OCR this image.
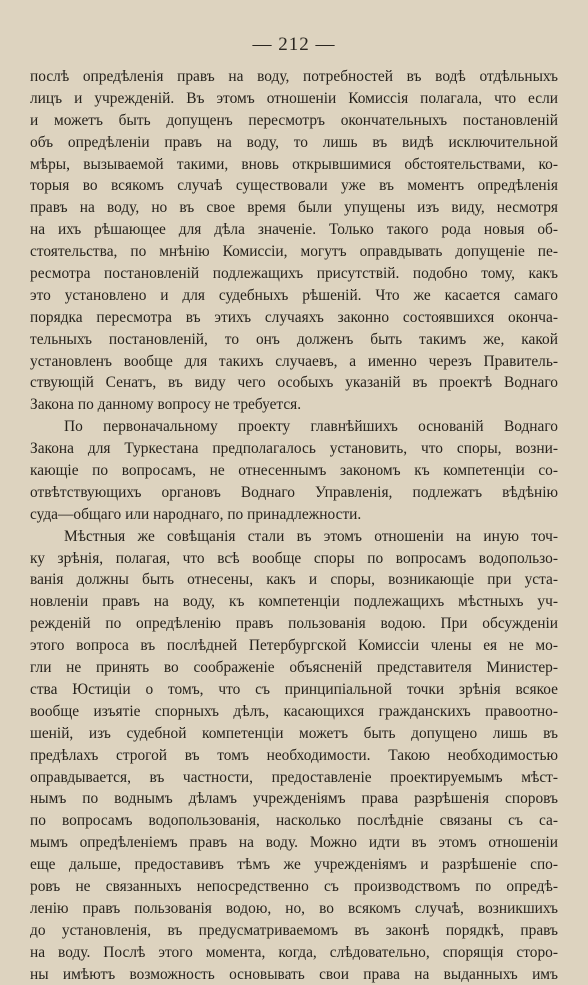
— 212 —
послѣ опредѣленія правъ на воду, потребностей въ водѣ отдѣльныхъ
лицъ и учрежденій. Въ этомъ отношеніи Комиссія полагала, что если
и можетъ быть допущенъ пересмотръ окончательныхъ постановленій
объ опредѣленіи правъ на воду, то лишь въ видѣ исключительной
мѣры, вызываемой такими, вновь открывшимися обстоятельствами, ко-
торыя во всякомъ случаѣ существовали уже въ моментъ опредѣленія
правъ на воду, но въ свое время были упущены изъ виду, несмотря
на ихъ рѣшающее для дѣла значеніе. Только такого рода новыя об-
стоятельства, по мнѣнію Комиссіи, могутъ оправдывать допущеніе пе-
ресмотра постановленій подлежащихъ присутствій. подобно тому, какъ
это установлено и для судебныхъ рѣшеній. Что же касается самаго
порядка пересмотра въ этихъ случаяхъ законно состоявшихся оконча-
тельныхъ постановленій, то онъ долженъ быть такимъ же, какой
установленъ вообще для такихъ случаевъ, а именно черезъ Правитель-
ствующій Сенатъ, въ виду чего особыхъ указаній въ проектѣ Воднаго
Закона по данному вопросу не требуется.
По первоначальному проекту главнѣйшихъ основаній Воднаго
Закона для Туркестана предполагалось установить, что споры, возни-
кающіе по вопросамъ, не отнесеннымъ закономъ къ компетенціи со-
отвѣтствующихъ органовъ Воднаго Управленія, подлежатъ вѣдѣнію
суда—общаго или народнаго, по принадлежности.
Мѣстныя же совѣщанія стали въ этомъ отношеніи на иную точ-
ку зрѣнія, полагая, что всѣ вообще споры по вопросамъ водопользо-
ванія должны быть отнесены, какъ и споры, возникающіе при уста-
новленіи правъ на воду, къ компетенціи подлежащихъ мѣстныхъ уч-
режденій по опредѣленію правъ пользованія водою. При обсужденіи
этого вопроса въ послѣдней Петербургской Комиссіи члены ея не мо-
гли не принять во соображеніе объясненій представителя Министер-
ства Юстиціи о томъ, что съ принципіальной точки зрѣнія всякое
вообще изъятіе спорныхъ дѣлъ, касающихся гражданскихъ правоотно-
шеній, изъ судебной компетенціи можетъ быть допущено лишь въ
предѣлахъ строгой въ томъ необходимости. Такою необходимостью
оправдывается, въ частности, предоставленіе проектируемымъ мѣст-
нымъ по воднымъ дѣламъ учрежденіямъ права разрѣшенія споровъ
по вопросамъ водопользованія, насколько послѣдніе связаны съ са-
мымъ опредѣленіемъ правъ на воду. Можно идти въ этомъ отношеніи
еще дальше, предоставивъ тѣмъ же учрежденіямъ и разрѣшеніе спо-
ровъ не связанныхъ непосредственно съ производствомъ по опредѣ-
ленію правъ пользованія водою, но, во всякомъ случаѣ, возникшихъ
до установленія, въ предусматриваемомъ въ законѣ порядкѣ, правъ
на воду. Послѣ этого момента, когда, слѣдовательно, спорящія сторо-
ны имѣютъ возможность основывать свои права на выданныхъ имъ
